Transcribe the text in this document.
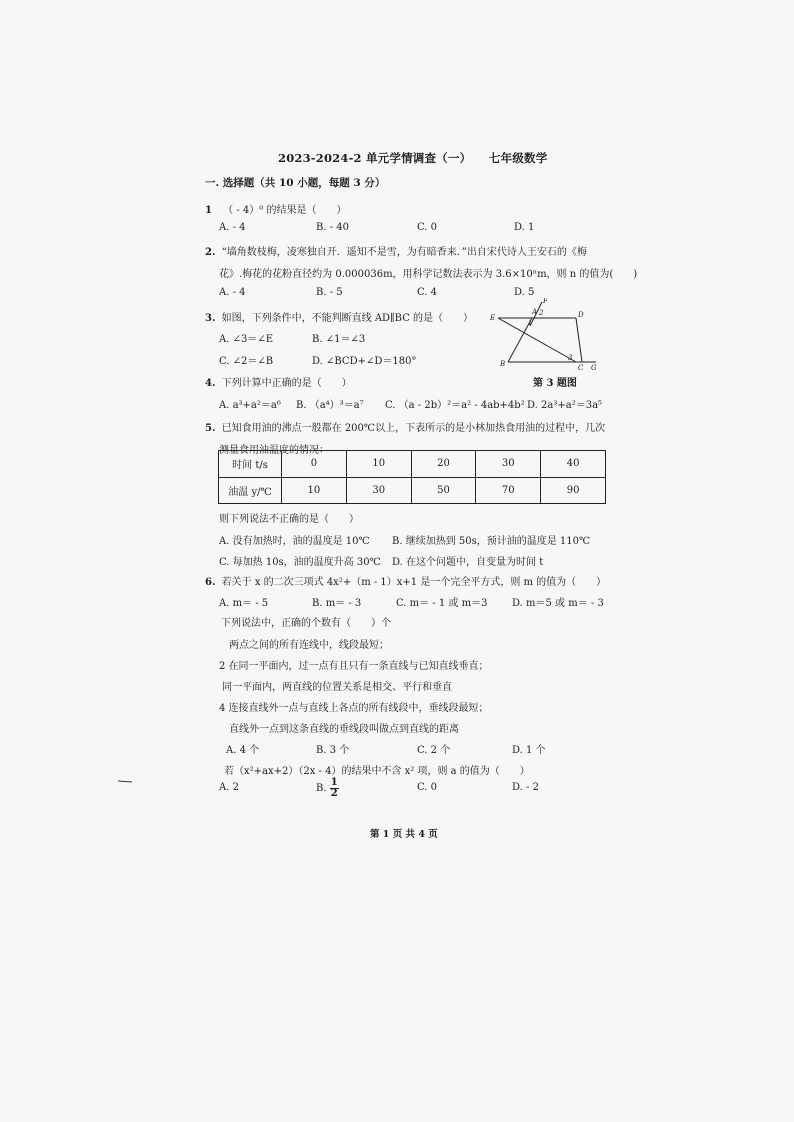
2023-2024-2 单元学情调查（一）　　七年级数学
一. 选择题（共 10 小题，每题 3 分）
1 （ - 4）⁰ 的结果是（　　）
A. - 4	B. - 40	C. 0	D. 1
2. “墙角数枝梅，凌寒独自开．遥知不是雪，为有暗香来．”出自宋代诗人王安石的《梅
花》.梅花的花粉直径约为 0.000036m，用科学记数法表示为 3.6×10ⁿm，则 n 的值为(　　)
A. - 4	B. - 5	C. 4	D. 5
3. 如图，下列条件中，不能判断直线 AD∥BC 的是（　　）
A. ∠3＝∠E	B. ∠1＝∠3
C. ∠2＝∠B	D. ∠BCD+∠D＝180°
F
A 2	D
E
1
B
3
C G
第 3 题图
4. 下列计算中正确的是（　　）
A. a³+a²＝a⁶ B. （a⁴）³＝a⁷ C. （a - 2b）²＝a² - 4ab+4b² D. 2a³+a²＝3a⁵
5. 已知食用油的沸点一般都在 200℃以上，下表所示的是小林加热食用油的过程中，几次
测量食用油温度的情况：
时间 t/s	0	10	20	30	40
油温 y/℃	10	30	50	70	90
则下列说法不正确的是（　　）
A. 没有加热时，油的温度是 10℃ B. 继续加热到 50s，预计油的温度是 110℃
C. 每加热 10s，油的温度升高 30℃ D. 在这个问题中，自变量为时间 t
6. 若关于 x 的二次三项式 4x²+（m - 1）x+1 是一个完全平方式，则 m 的值为（　　）
A. m＝ - 5	B. m＝ - 3	C. m＝ - 1 或 m＝3 D. m＝5 或 m＝ - 3
下列说法中，正确的个数有（　　）个
两点之间的所有连线中，线段最短；
2 在同一平面内，过一点有且只有一条直线与已知直线垂直；
同一平面内，两直线的位置关系是相交、平行和垂直
4 连接直线外一点与直线上各点的所有线段中，垂线段最短；
直线外一点到这条直线的垂线段叫做点到直线的距离
A. 4 个	B. 3 个	C. 2 个	D. 1 个
若（x²+ax+2）（2x - 4）的结果中不含 x² 项，则 a 的值为（　　）
A. 2	B. $\frac{1}{2}$	C. 0	D. - 2
第 1 页 共 4 页
